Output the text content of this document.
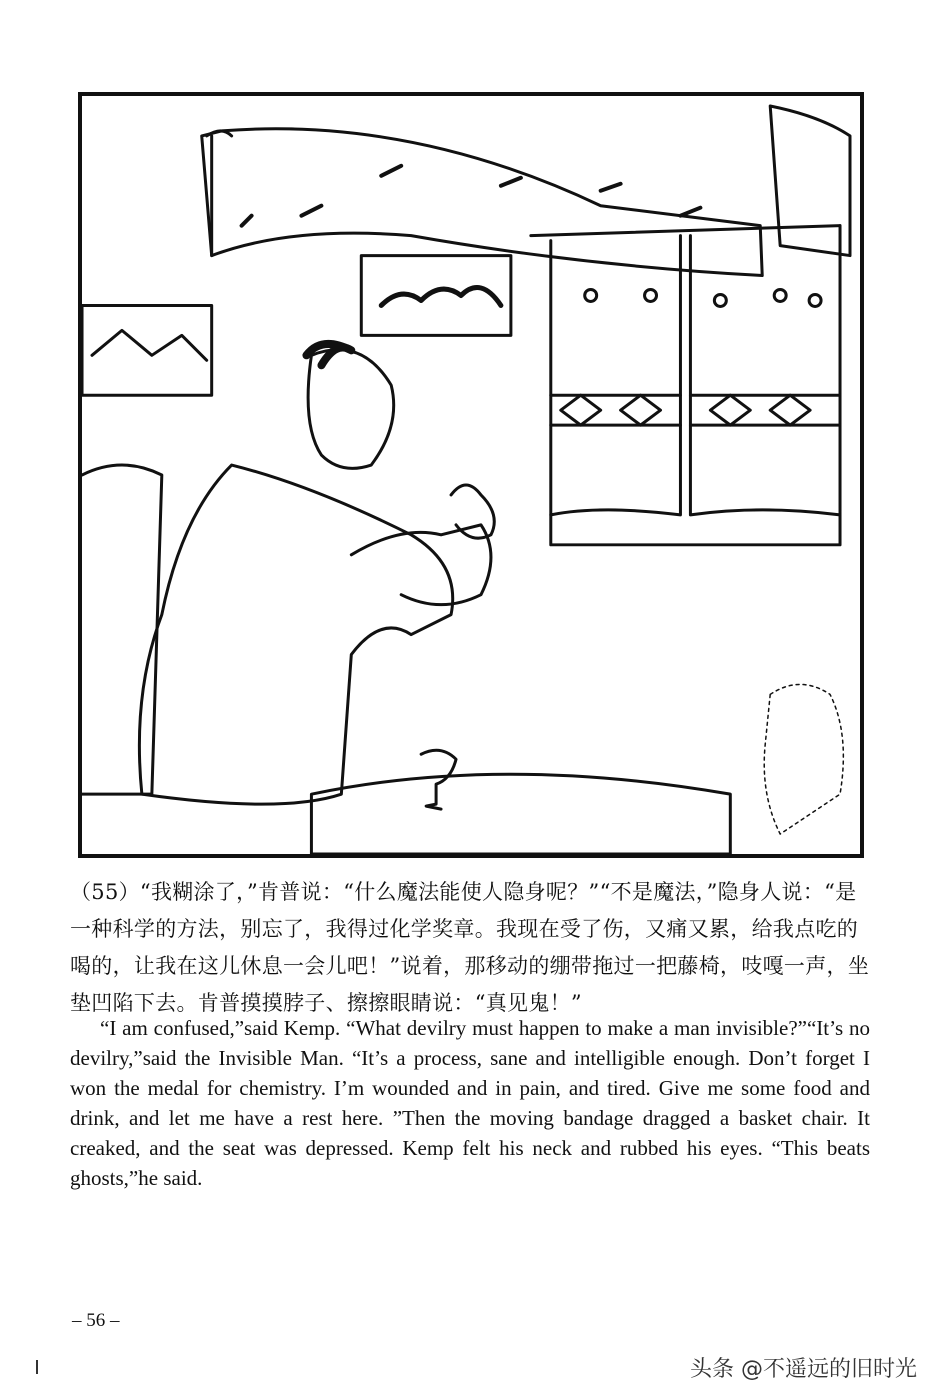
（55）“我糊涂了，”肯普说：“什么魔法能使人隐身呢？”“不是魔法，”隐身人说：“是一种科学的方法，别忘了，我得过化学奖章。我现在受了伤，又痛又累，给我点吃的喝的，让我在这儿休息一会儿吧！”说着，那移动的绷带拖过一把藤椅，吱嘎一声，坐垫凹陷下去。肯普摸摸脖子、擦擦眼睛说：“真见鬼！”

“I am confused,”said Kemp. “What devilry must happen to make a man invisible?”“It’s no devilry,”said the Invisible Man. “It’s a process, sane and intelligible enough. Don’t forget I won the medal for chemistry. I’m wounded and in pain, and tired. Give me some food and drink, and let me have a rest here. ”Then the moving bandage dragged a basket chair. It creaked, and the seat was depressed. Kemp felt his neck and rubbed his eyes. “This beats ghosts,”he said.

– 56 –
头条 @不遥远的旧时光
